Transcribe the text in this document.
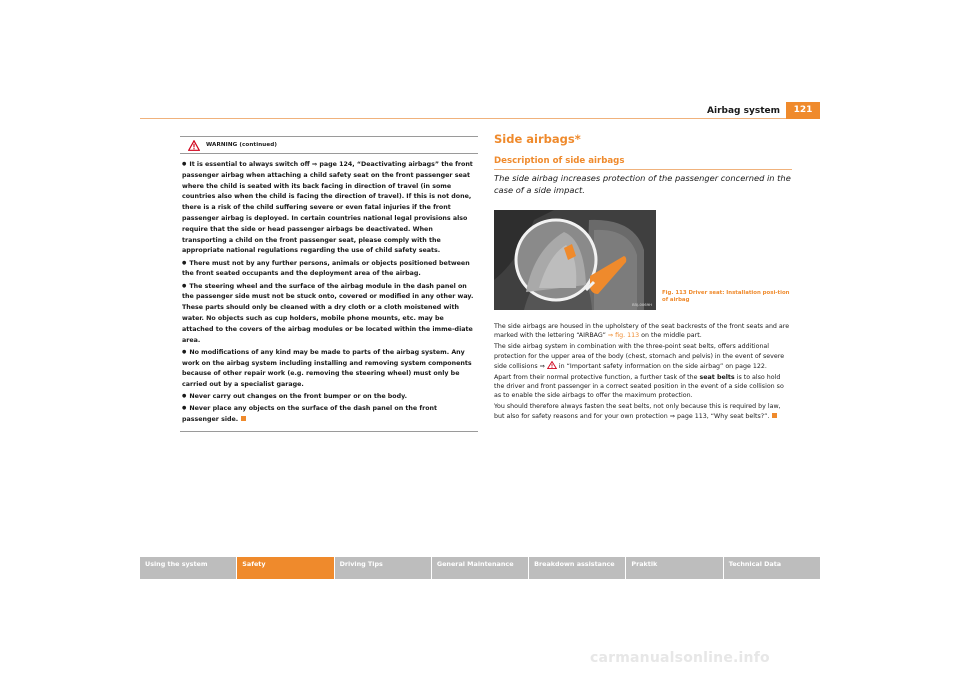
Airbag system	121
WARNING (continued)

● It is essential to always switch off ⇒ page 124, “Deactivating airbags” the front passenger airbag when attaching a child safety seat on the front passenger seat where the child is seated with its back facing in direction of travel (in some countries also when the child is facing the direction of travel). If this is not done, there is a risk of the child suffering severe or even fatal injuries if the front passenger airbag is deployed. In certain countries national legal provisions also require that the side or head passenger airbags be deactivated. When transporting a child on the front passenger seat, please comply with the appropriate national regulations regarding the use of child safety seats.

● There must not by any further persons, animals or objects positioned between the front seated occupants and the deployment area of the airbag.

● The steering wheel and the surface of the airbag module in the dash panel on the passenger side must not be stuck onto, covered or modified in any other way. These parts should only be cleaned with a dry cloth or a cloth moistened with water. No objects such as cup holders, mobile phone mounts, etc. may be attached to the covers of the airbag modules or be located within the imme-diate area.

● No modifications of any kind may be made to parts of the airbag system. Any work on the airbag system including installing and removing system components because of other repair work (e.g. removing the steering wheel) must only be carried out by a specialist garage.

● Never carry out changes on the front bumper or on the body.

● Never place any objects on the surface of the dash panel on the front passenger side.

Side airbags*
Description of side airbags
The side airbag increases protection of the passenger concerned in the case of a side impact.
B5J-0069H
Fig. 113 Driver seat: Installation posi-tion of airbag

The side airbags are housed in the upholstery of the seat backrests of the front seats and are marked with the lettering “AIRBAG” ⇒ fig. 113 on the middle part.

The side airbag system in combination with the three-point seat belts, offers additional protection for the upper area of the body (chest, stomach and pelvis) in the event of severe side collisions ⇒  in “Important safety information on the side airbag” on page 122.

Apart from their normal protective function, a further task of the seat belts is to also hold the driver and front passenger in a correct seated position in the event of a side collision so as to enable the side airbags to offer the maximum protection.

You should therefore always fasten the seat belts, not only because this is required by law, but also for safety reasons and for your own protection ⇒ page 113, “Why seat belts?”.

Using the system	Safety	Driving Tips	General Maintenance	Breakdown assistance	Praktik	Technical Data
carmanualsonline.info
